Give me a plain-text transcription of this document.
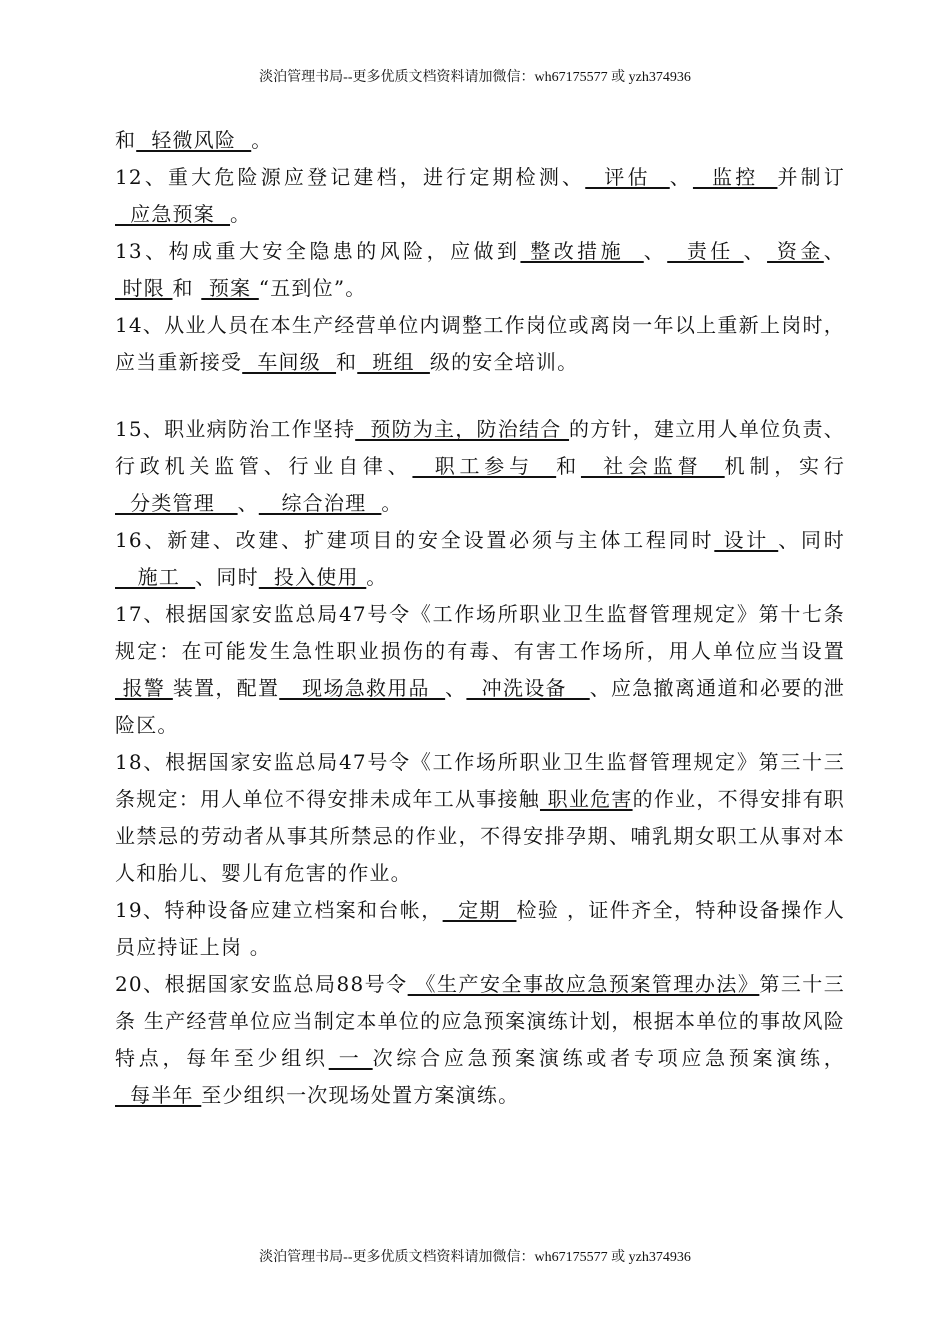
淡泊管理书局--更多优质文档资料请加微信：wh67175577 或 yzh374936

和  轻微风险  。

12、重大危险源应登记建档，进行定期检测、  评估  、  监控  并制订  应急预案  。

13、构成重大安全隐患的风险，应做到 整改措施  、  责任 、 资金、 时限 和  预案 “五到位”。

14、从业人员在本生产经营单位内调整工作岗位或离岗一年以上重新上岗时，应当重新接受  车间级  和  班组  级的安全培训。

15、职业病防治工作坚持  预防为主，防治结合 的方针，建立用人单位负责、行政机关监管、行业自律、  职工参与  和  社会监督  机制，实行  分类管理   、   综合治理  。

16、新建、改建、扩建项目的安全设置必须与主体工程同时 设计 、同时   施工  、同时  投入使用 。

17、根据国家安监总局47号令《工作场所职业卫生监督管理规定》第十七条规定：在可能发生急性职业损伤的有毒、有害工作场所，用人单位应当设置 报警 装置，配置   现场急救用品  、  冲洗设备   、应急撤离通道和必要的泄险区。

18、根据国家安监总局47号令《工作场所职业卫生监督管理规定》第三十三条规定：用人单位不得安排未成年工从事接触 职业危害的作业，不得安排有职业禁忌的劳动者从事其所禁忌的作业，不得安排孕期、哺乳期女职工从事对本人和胎儿、婴儿有危害的作业。

19、特种设备应建立档案和台帐，  定期  检验 ，证件齐全，特种设备操作人员应持证上岗 。

20、根据国家安监总局88号令 《生产安全事故应急预案管理办法》第三十三条 生产经营单位应当制定本单位的应急预案演练计划，根据本单位的事故风险特点，每年至少组织 一 次综合应急预案演练或者专项应急预案演练，  每半年 至少组织一次现场处置方案演练。

淡泊管理书局--更多优质文档资料请加微信：wh67175577 或 yzh374936
